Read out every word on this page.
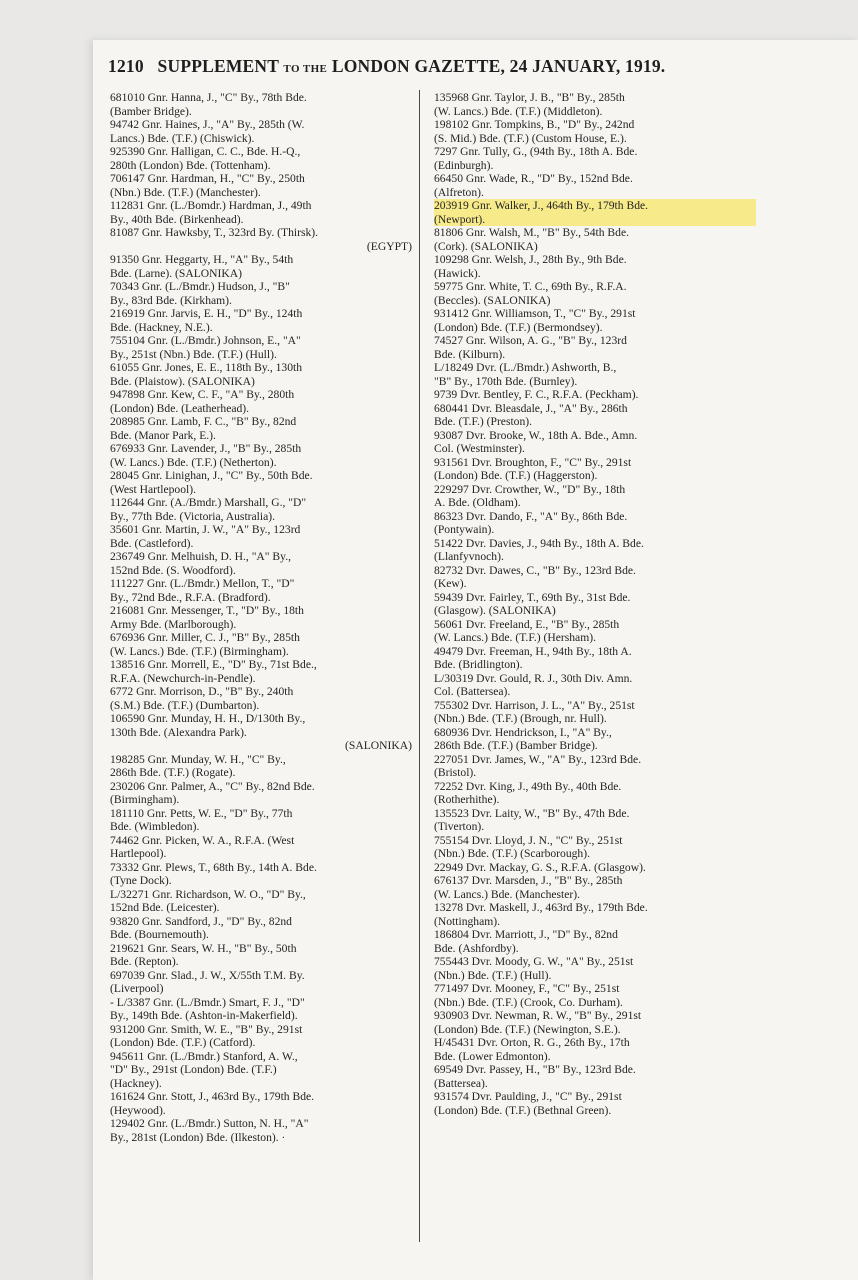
1210 SUPPLEMENT TO THE LONDON GAZETTE, 24 JANUARY, 1919.
681010 Gnr. Hanna, J., "C" By., 78th Bde.
(Bamber Bridge).
94742 Gnr. Haines, J., "A" By., 285th (W.
Lancs.) Bde. (T.F.) (Chiswick).
925390 Gnr. Halligan, C. C., Bde. H.-Q.,
280th (London) Bde. (Tottenham).
706147 Gnr. Hardman, H., "C" By., 250th
(Nbn.) Bde. (T.F.) (Manchester).
112831 Gnr. (L./Bomdr.) Hardman, J., 49th
By., 40th Bde. (Birkenhead).
81087 Gnr. Hawksby, T., 323rd By. (Thirsk).
(EGYPT)
91350 Gnr. Heggarty, H., "A" By., 54th
Bde. (Larne). (SALONIKA)
70343 Gnr. (L./Bmdr.) Hudson, J., "B"
By., 83rd Bde. (Kirkham).
216919 Gnr. Jarvis, E. H., "D" By., 124th
Bde. (Hackney, N.E.).
755104 Gnr. (L./Bmdr.) Johnson, E., "A"
By., 251st (Nbn.) Bde. (T.F.) (Hull).
61055 Gnr. Jones, E. E., 118th By., 130th
Bde. (Plaistow). (SALONIKA)
947898 Gnr. Kew, C. F., "A" By., 280th
(London) Bde. (Leatherhead).
208985 Gnr. Lamb, F. C., "B" By., 82nd
Bde. (Manor Park, E.).
676933 Gnr. Lavender, J., "B" By., 285th
(W. Lancs.) Bde. (T.F.) (Netherton).
28045 Gnr. Linighan, J., "C" By., 50th Bde.
(West Hartlepool).
112644 Gnr. (A./Bmdr.) Marshall, G., "D"
By., 77th Bde. (Victoria, Australia).
35601 Gnr. Martin, J. W., "A" By., 123rd
Bde. (Castleford).
236749 Gnr. Melhuish, D. H., "A" By.,
152nd Bde. (S. Woodford).
111227 Gnr. (L./Bmdr.) Mellon, T., "D"
By., 72nd Bde., R.F.A. (Bradford).
216081 Gnr. Messenger, T., "D" By., 18th
Army Bde. (Marlborough).
676936 Gnr. Miller, C. J., "B" By., 285th
(W. Lancs.) Bde. (T.F.) (Birmingham).
138516 Gnr. Morrell, E., "D" By., 71st Bde.,
R.F.A. (Newchurch-in-Pendle).
6772 Gnr. Morrison, D., "B" By., 240th
(S.M.) Bde. (T.F.) (Dumbarton).
106590 Gnr. Munday, H. H., D/130th By.,
130th Bde. (Alexandra Park).
(SALONIKA)
198285 Gnr. Munday, W. H., "C" By.,
286th Bde. (T.F.) (Rogate).
230206 Gnr. Palmer, A., "C" By., 82nd Bde.
(Birmingham).
181110 Gnr. Petts, W. E., "D" By., 77th
Bde. (Wimbledon).
74462 Gnr. Picken, W. A., R.F.A. (West
Hartlepool).
73332 Gnr. Plews, T., 68th By., 14th A. Bde.
(Tyne Dock).
L/32271 Gnr. Richardson, W. O., "D" By.,
152nd Bde. (Leicester).
93820 Gnr. Sandford, J., "D" By., 82nd
Bde. (Bournemouth).
219621 Gnr. Sears, W. H., "B" By., 50th
Bde. (Repton).
697039 Gnr. Slad., J. W., X/55th T.M. By.
(Liverpool)
- L/3387 Gnr. (L./Bmdr.) Smart, F. J., "D"
By., 149th Bde. (Ashton-in-Makerfield).
931200 Gnr. Smith, W. E., "B" By., 291st
(London) Bde. (T.F.) (Catford).
945611 Gnr. (L./Bmdr.) Stanford, A. W.,
"D" By., 291st (London) Bde. (T.F.)
(Hackney).
161624 Gnr. Stott, J., 463rd By., 179th Bde.
(Heywood).
129402 Gnr. (L./Bmdr.) Sutton, N. H., "A"
By., 281st (London) Bde. (Ilkeston). ·
135968 Gnr. Taylor, J. B., "B" By., 285th
(W. Lancs.) Bde. (T.F.) (Middleton).
198102 Gnr. Tompkins, B., "D" By., 242nd
(S. Mid.) Bde. (T.F.) (Custom House, E.).
7297 Gnr. Tully, G., (94th By., 18th A. Bde.
(Edinburgh).
66450 Gnr. Wade, R., "D" By., 152nd Bde.
(Alfreton).
203919 Gnr. Walker, J., 464th By., 179th Bde.
(Newport).
81806 Gnr. Walsh, M., "B" By., 54th Bde.
(Cork). (SALONIKA)
109298 Gnr. Welsh, J., 28th By., 9th Bde.
(Hawick).
59775 Gnr. White, T. C., 69th By., R.F.A.
(Beccles). (SALONIKA)
931412 Gnr. Williamson, T., "C" By., 291st
(London) Bde. (T.F.) (Bermondsey).
74527 Gnr. Wilson, A. G., "B" By., 123rd
Bde. (Kilburn).
L/18249 Dvr. (L./Bmdr.) Ashworth, B.,
"B" By., 170th Bde. (Burnley).
9739 Dvr. Bentley, F. C., R.F.A. (Peckham).
680441 Dvr. Bleasdale, J., "A" By., 286th
Bde. (T.F.) (Preston).
93087 Dvr. Brooke, W., 18th A. Bde., Amn.
Col. (Westminster).
931561 Dvr. Broughton, F., "C" By., 291st
(London) Bde. (T.F.) (Haggerston).
229297 Dvr. Crowther, W., "D" By., 18th
A. Bde. (Oldham).
86323 Dvr. Dando, F., "A" By., 86th Bde.
(Pontywain).
51422 Dvr. Davies, J., 94th By., 18th A. Bde.
(Llanfyvnoch).
82732 Dvr. Dawes, C., "B" By., 123rd Bde.
(Kew).
59439 Dvr. Fairley, T., 69th By., 31st Bde.
(Glasgow). (SALONIKA)
56061 Dvr. Freeland, E., "B" By., 285th
(W. Lancs.) Bde. (T.F.) (Hersham).
49479 Dvr. Freeman, H., 94th By., 18th A.
Bde. (Bridlington).
L/30319 Dvr. Gould, R. J., 30th Div. Amn.
Col. (Battersea).
755302 Dvr. Harrison, J. L., "A" By., 251st
(Nbn.) Bde. (T.F.) (Brough, nr. Hull).
680936 Dvr. Hendrickson, I., "A" By.,
286th Bde. (T.F.) (Bamber Bridge).
227051 Dvr. James, W., "A" By., 123rd Bde.
(Bristol).
72252 Dvr. King, J., 49th By., 40th Bde.
(Rotherhithe).
135523 Dvr. Laity, W., "B" By., 47th Bde.
(Tiverton).
755154 Dvr. Lloyd, J. N., "C" By., 251st
(Nbn.) Bde. (T.F.) (Scarborough).
22949 Dvr. Mackay, G. S., R.F.A. (Glasgow).
676137 Dvr. Marsden, J., "B" By., 285th
(W. Lancs.) Bde. (Manchester).
13278 Dvr. Maskell, J., 463rd By., 179th Bde.
(Nottingham).
186804 Dvr. Marriott, J., "D" By., 82nd
Bde. (Ashfordby).
755443 Dvr. Moody, G. W., "A" By., 251st
(Nbn.) Bde. (T.F.) (Hull).
771497 Dvr. Mooney, F., "C" By., 251st
(Nbn.) Bde. (T.F.) (Crook, Co. Durham).
930903 Dvr. Newman, R. W., "B" By., 291st
(London) Bde. (T.F.) (Newington, S.E.).
H/45431 Dvr. Orton, R. G., 26th By., 17th
Bde. (Lower Edmonton).
69549 Dvr. Passey, H., "B" By., 123rd Bde.
(Battersea).
931574 Dvr. Paulding, J., "C" By., 291st
(London) Bde. (T.F.) (Bethnal Green).
